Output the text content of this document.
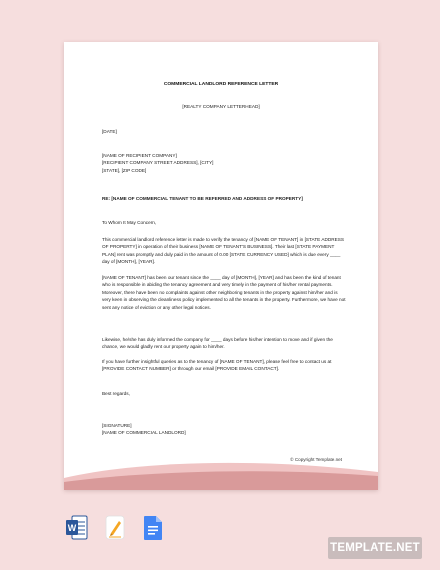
COMMERCIAL LANDLORD REFERENCE LETTER
[REALTY COMPANY LETTERHEAD]
[DATE]
[NAME OF RECIPIENT COMPANY]
[RECIPIENT COMPANY STREET ADDRESS], [CITY]
[STATE], [ZIP CODE]
RE: [NAME OF COMMERCIAL TENANT TO BE REFERRED AND ADDRESS OF PROPERTY]
To Whom It May Concern,
This commercial landlord reference letter is made to verify the tenancy of [NAME OF TENANT] in [STATE ADDRESS OF PROPERTY] in operation of their business [NAME OF TENANT'S BUSINESS]. Their last [STATE PAYMENT PLAN] rent was promptly and duly paid in the amount of 0.00 [STATE CURRENCY USED] which is due every ____ day of [MONTH], [YEAR].
[NAME OF TENANT] has been our tenant since the ____ day of [MONTH], [YEAR] and has been the kind of tenant who is responsible in abiding the tenancy agreement and very timely in the payment of his/her rental payments. Moreover, there have been no complaints against other neighboring tenants in the property against him/her and is very keen in observing the cleanliness policy implemented to all the tenants in the property. Furthermore, we have not sent any notice of eviction or any other legal notices.
Likewise, he/she has duly informed the company for ____ days before his/her intention to move and if given the chance, we would gladly rent our property again to him/her.
If you have further insightful queries as to the tenancy of [NAME OF TENANT], please feel free to contact us at [PROVIDE CONTACT NUMBER] or through our email [PROVIDE EMAIL CONTACT].
Best regards,
[SIGNATURE]
[NAME OF COMMERCIAL LANDLORD]
© Copyright Template.net
W
TEMPLATE.NET
